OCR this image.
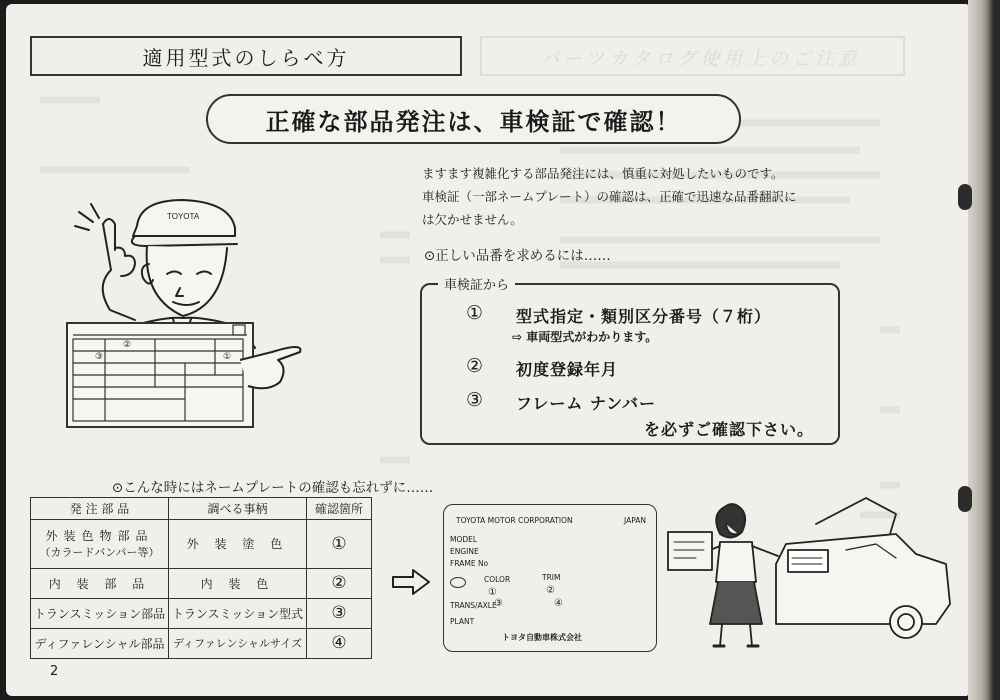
パーツカタログ使用上のご注意
適用型式のしらべ方
正確な部品発注は、車検証で確認！
ますます複雑化する部品発注には、慎重に対処したいものです。
車検証（一部ネームプレート）の確認は、正確で迅速な品番翻訳に
は欠かせません。
⊙正しい品番を求めるには……
車検証から
① 型式指定・類別区分番号（７桁）
⇨ 車両型式がわかります。
② 初度登録年月
③ フレーム ナンバー
を必ずご確認下さい。
TOYOTA
②
③	①
⊙こんな時にはネームプレートの確認も忘れずに……
発 注 部 品	調べる事柄	確認箇所

外装色物部品
（カラードバンパー等）	外 装 塗 色	①
内 装 部 品	内 装 色	②
トランスミッション部品	トランスミッション型式	③
ディファレンシャル部品	ディファレンシャルサイズ	④
TOYOTA MOTOR CORPORATION	JAPAN
MODEL
ENGINE
FRAME No
COLOR	TRIM
①	②
TRANS/AXLE
③	④
PLANT
トヨタ自動車株式会社
2
